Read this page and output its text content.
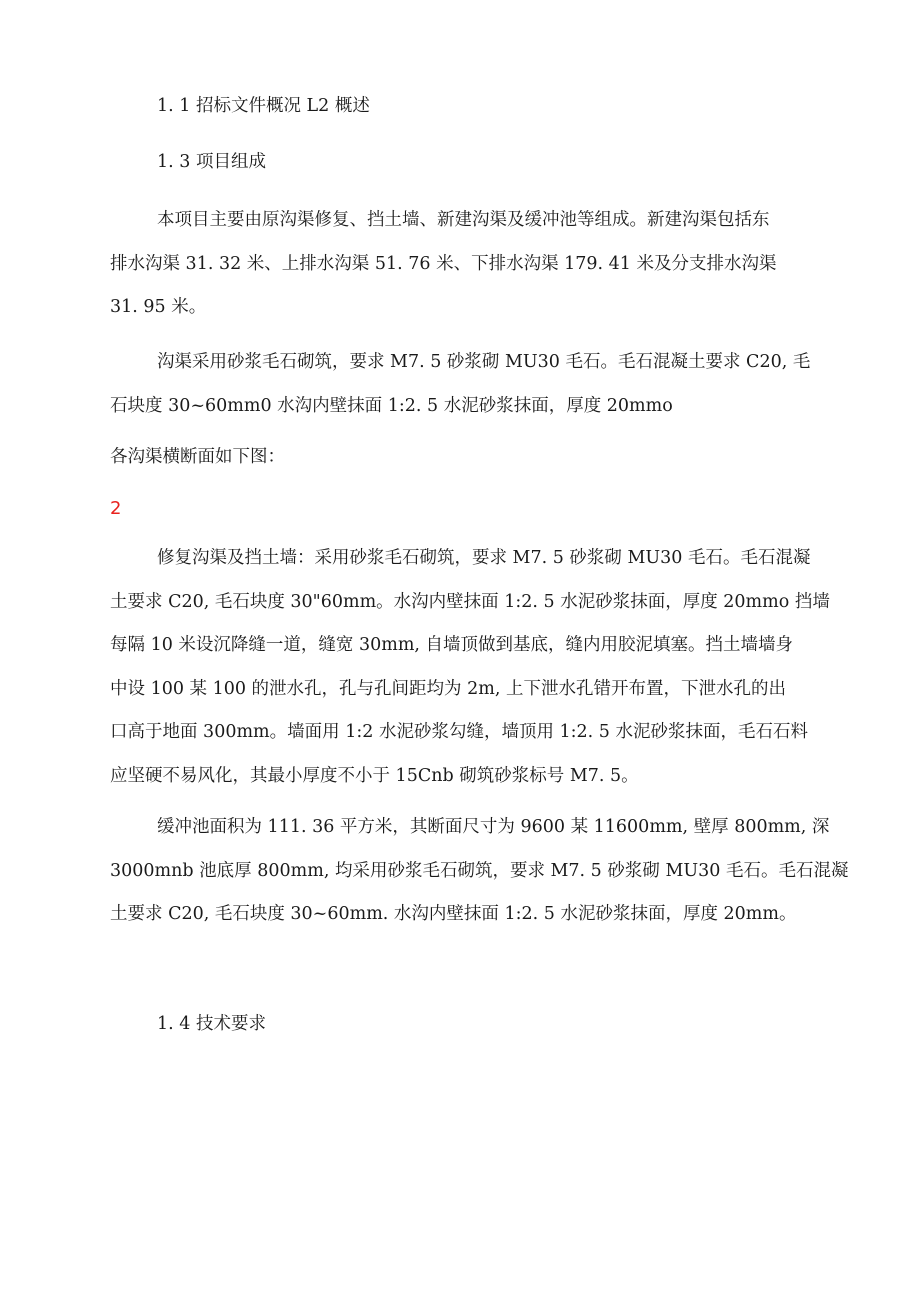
1. 1 招标文件概况 L2 概述

1. 3 项目组成

本项目主要由原沟渠修复、挡土墙、新建沟渠及缓冲池等组成。新建沟渠包括东
排水沟渠 31. 32 米、上排水沟渠 51. 76 米、下排水沟渠 179. 41 米及分支排水沟渠
31. 95 米。
沟渠采用砂浆毛石砌筑，要求 M7. 5 砂浆砌 MU30 毛石。毛石混凝土要求 C20, 毛
石块度 30~60mm0 水沟内壁抹面 1:2. 5 水泥砂浆抹面，厚度 20mmo

各沟渠横断面如下图：

2

修复沟渠及挡土墙：采用砂浆毛石砌筑，要求 M7. 5 砂浆砌 MU30 毛石。毛石混凝
土要求 C20, 毛石块度 30"60mm。水沟内壁抹面 1:2. 5 水泥砂浆抹面，厚度 20mmo 挡墙
每隔 10 米设沉降缝一道，缝宽 30mm, 自墙顶做到基底，缝内用胶泥填塞。挡土墙墙身
中设 100 某 100 的泄水孔，孔与孔间距均为 2m, 上下泄水孔错开布置，下泄水孔的出
口高于地面 300mm。墙面用 1:2 水泥砂浆勾缝，墙顶用 1:2. 5 水泥砂浆抹面，毛石石料
应坚硬不易风化，其最小厚度不小于 15Cnb 砌筑砂浆标号 M7. 5。
缓冲池面积为 111. 36 平方米，其断面尺寸为 9600 某 11600mm, 壁厚 800mm, 深
3000mnb 池底厚 800mm, 均采用砂浆毛石砌筑，要求 M7. 5 砂浆砌 MU30 毛石。毛石混凝
土要求 C20, 毛石块度 30~60mm. 水沟内壁抹面 1:2. 5 水泥砂浆抹面，厚度 20mm。

1. 4 技术要求
